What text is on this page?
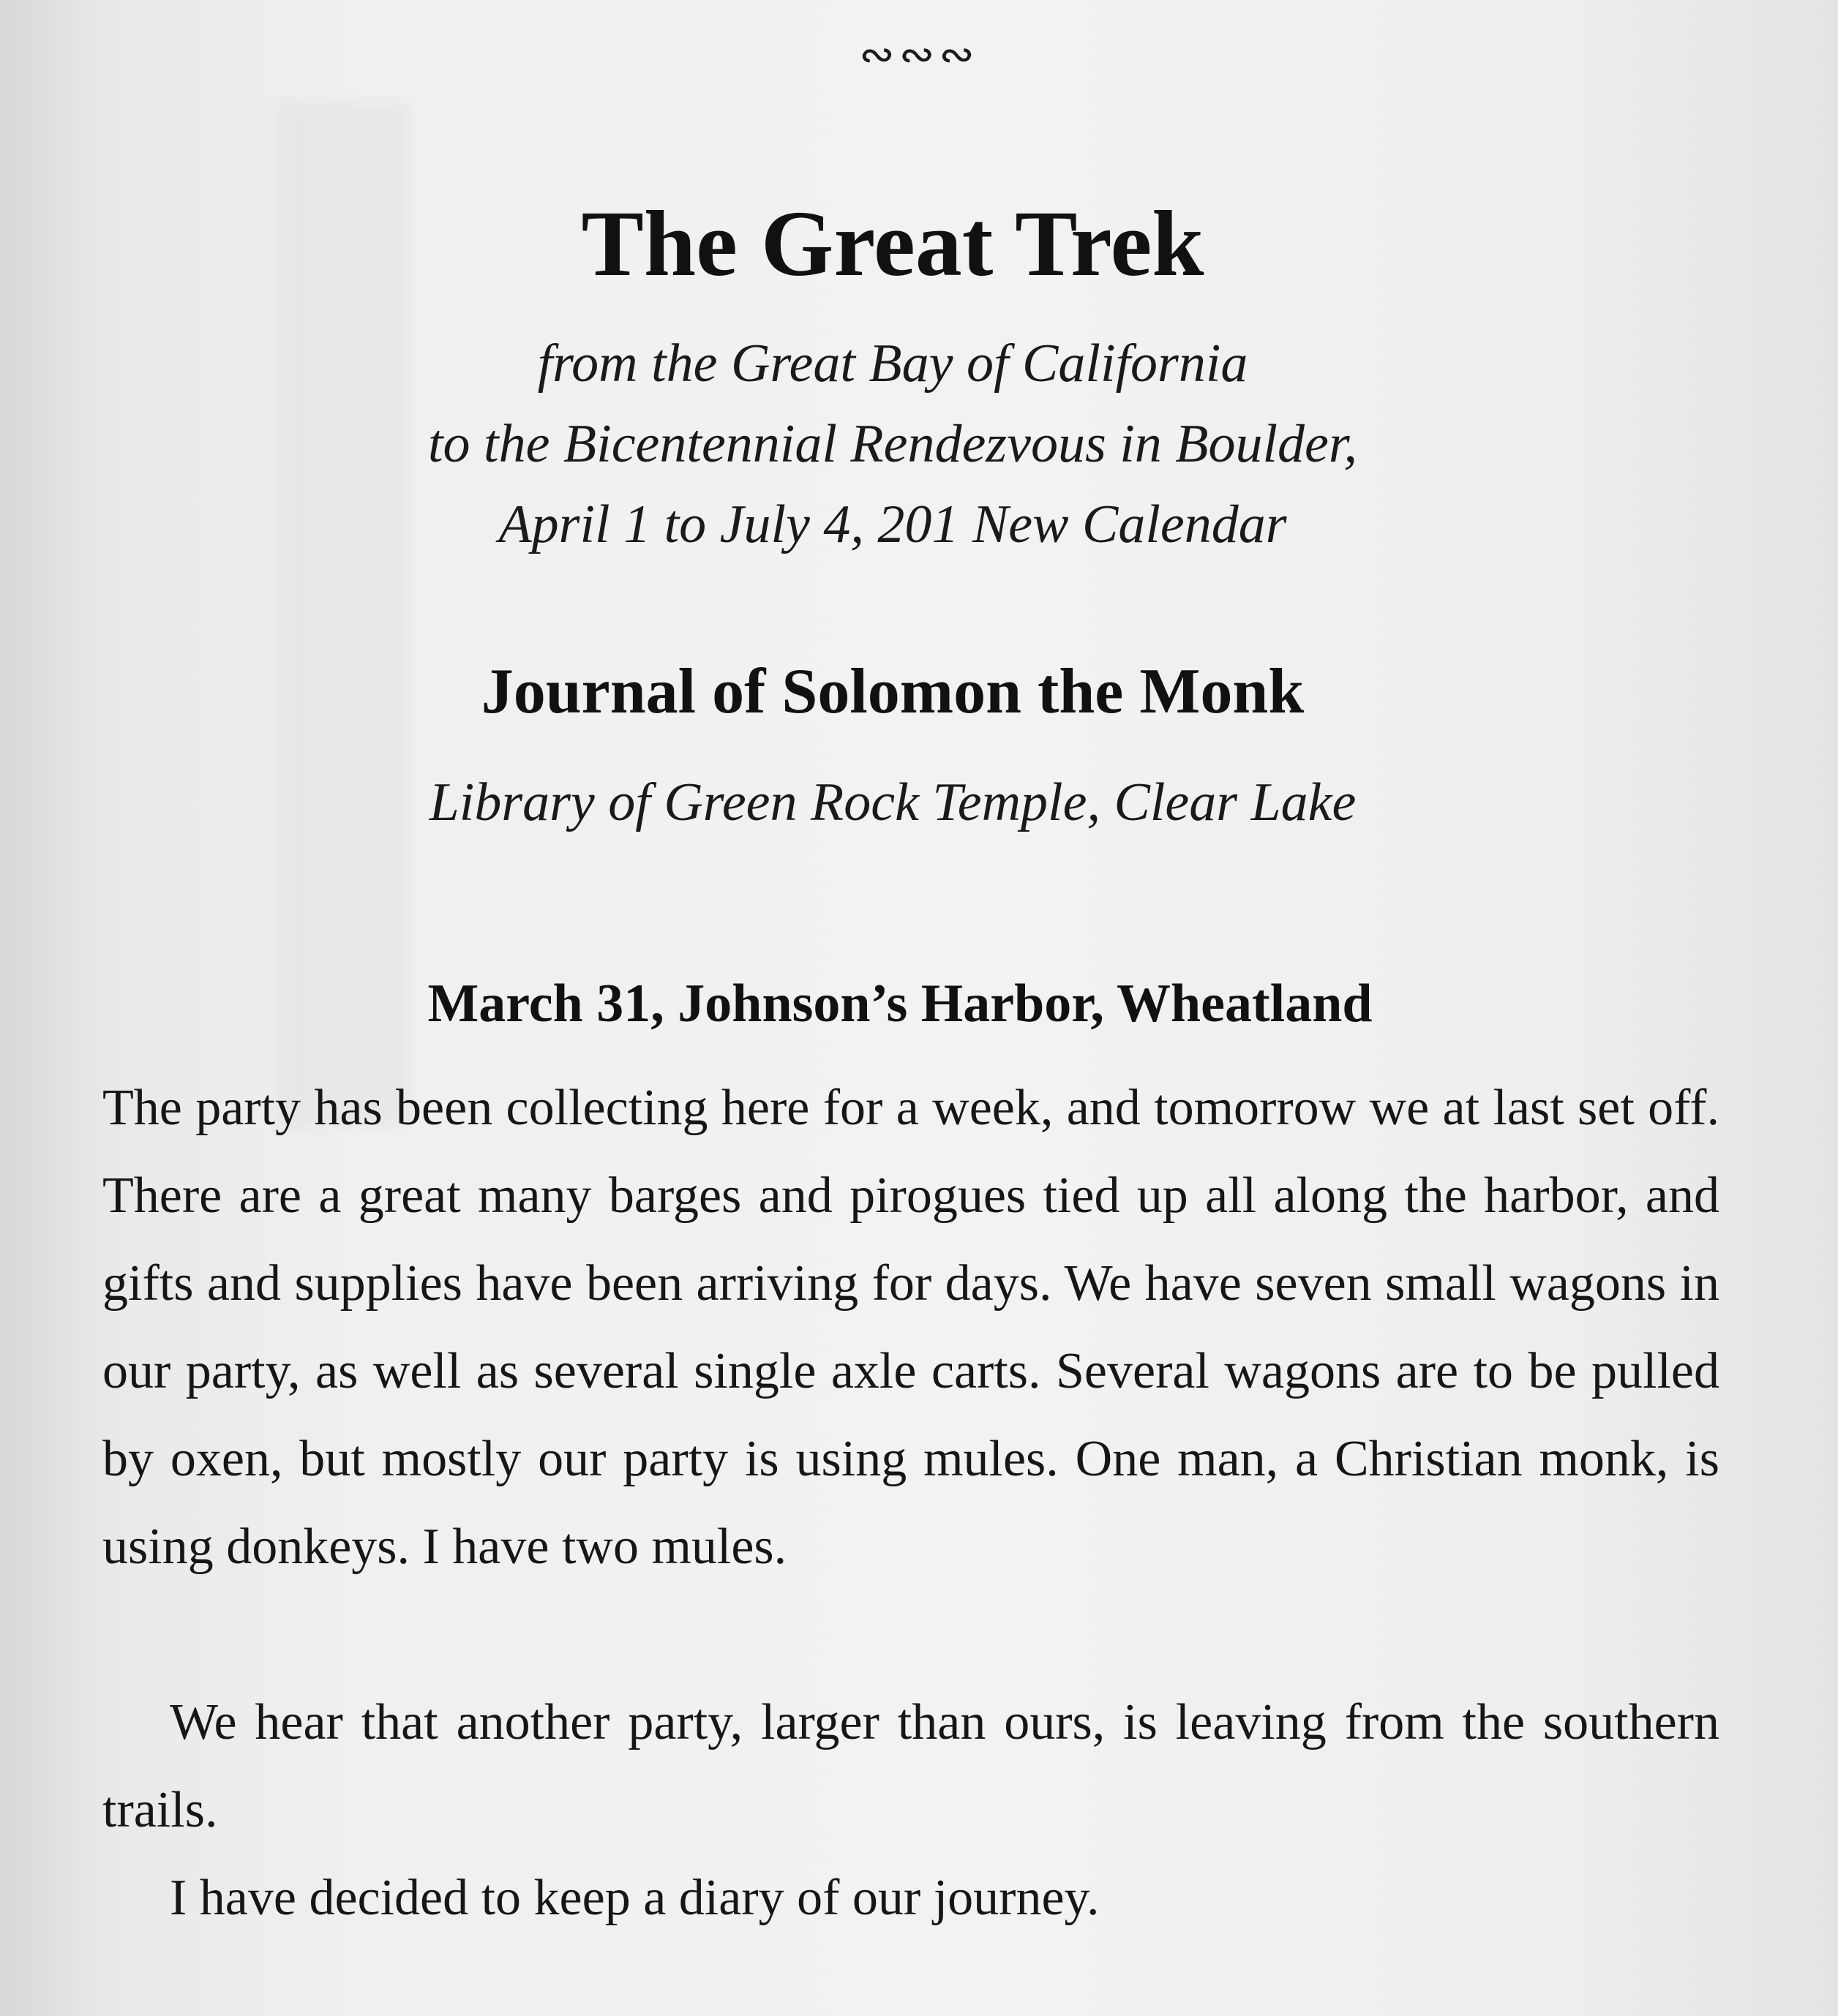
∾∾∾
The Great Trek
from the Great Bay of California
to the Bicentennial Rendezvous in Boulder,
April 1 to July 4, 201 New Calendar
Journal of Solomon the Monk
Library of Green Rock Temple, Clear Lake
March 31, Johnson’s Harbor, Wheatland
The party has been collecting here for a week, and tomorrow we at last set off. There are a great many barges and pirogues tied up all along the harbor, and gifts and supplies have been arriving for days. We have seven small wagons in our party, as well as several single axle carts. Several wagons are to be pulled by oxen, but mostly our party is using mules. One man, a Christian monk, is using donkeys. I have two mules.
We hear that another party, larger than ours, is leaving from the southern trails.
I have decided to keep a diary of our journey.
